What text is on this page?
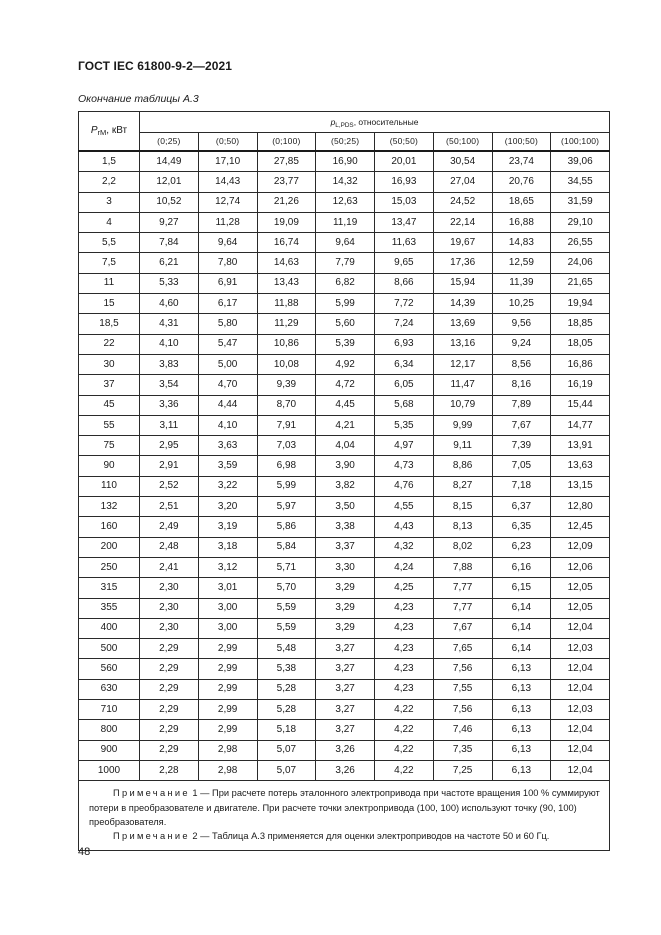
ГОСТ IEC 61800-9-2—2021
Окончание таблицы А.3
$P_{rM}$, кВт	$p_{L,PDS}$, относительные							
	(0;25)	(0;50)	(0;100)	(50;25)	(50;50)	(50;100)	(100;50)	(100;100)
1,5	14,49	17,10	27,85	16,90	20,01	30,54	23,74	39,06
2,2	12,01	14,43	23,77	14,32	16,93	27,04	20,76	34,55
3	10,52	12,74	21,26	12,63	15,03	24,52	18,65	31,59
4	9,27	11,28	19,09	11,19	13,47	22,14	16,88	29,10
5,5	7,84	9,64	16,74	9,64	11,63	19,67	14,83	26,55
7,5	6,21	7,80	14,63	7,79	9,65	17,36	12,59	24,06
11	5,33	6,91	13,43	6,82	8,66	15,94	11,39	21,65
15	4,60	6,17	11,88	5,99	7,72	14,39	10,25	19,94
18,5	4,31	5,80	11,29	5,60	7,24	13,69	9,56	18,85
22	4,10	5,47	10,86	5,39	6,93	13,16	9,24	18,05
30	3,83	5,00	10,08	4,92	6,34	12,17	8,56	16,86
37	3,54	4,70	9,39	4,72	6,05	11,47	8,16	16,19
45	3,36	4,44	8,70	4,45	5,68	10,79	7,89	15,44
55	3,11	4,10	7,91	4,21	5,35	9,99	7,67	14,77
75	2,95	3,63	7,03	4,04	4,97	9,11	7,39	13,91
90	2,91	3,59	6,98	3,90	4,73	8,86	7,05	13,63
110	2,52	3,22	5,99	3,82	4,76	8,27	7,18	13,15
132	2,51	3,20	5,97	3,50	4,55	8,15	6,37	12,80
160	2,49	3,19	5,86	3,38	4,43	8,13	6,35	12,45
200	2,48	3,18	5,84	3,37	4,32	8,02	6,23	12,09
250	2,41	3,12	5,71	3,30	4,24	7,88	6,16	12,06
315	2,30	3,01	5,70	3,29	4,25	7,77	6,15	12,05
355	2,30	3,00	5,59	3,29	4,23	7,77	6,14	12,05
400	2,30	3,00	5,59	3,29	4,23	7,67	6,14	12,04
500	2,29	2,99	5,48	3,27	4,23	7,65	6,14	12,03
560	2,29	2,99	5,38	3,27	4,23	7,56	6,13	12,04
630	2,29	2,99	5,28	3,27	4,23	7,55	6,13	12,04
710	2,29	2,99	5,28	3,27	4,22	7,56	6,13	12,03
800	2,29	2,99	5,18	3,27	4,22	7,46	6,13	12,04
900	2,29	2,98	5,07	3,26	4,22	7,35	6,13	12,04
1000	2,28	2,98	5,07	3,26	4,22	7,25	6,13	12,04

Примечание 1 — При расчете потерь эталонного электропривода при частоте вращения 100 % суммируют потери в преобразователе и двигателе. При расчете точки электропривода (100, 100) используют точку (90, 100) преобразователя.

Примечание 2 — Таблица А.3 применяется для оценки электроприводов на частоте 50 и 60 Гц.								

48
